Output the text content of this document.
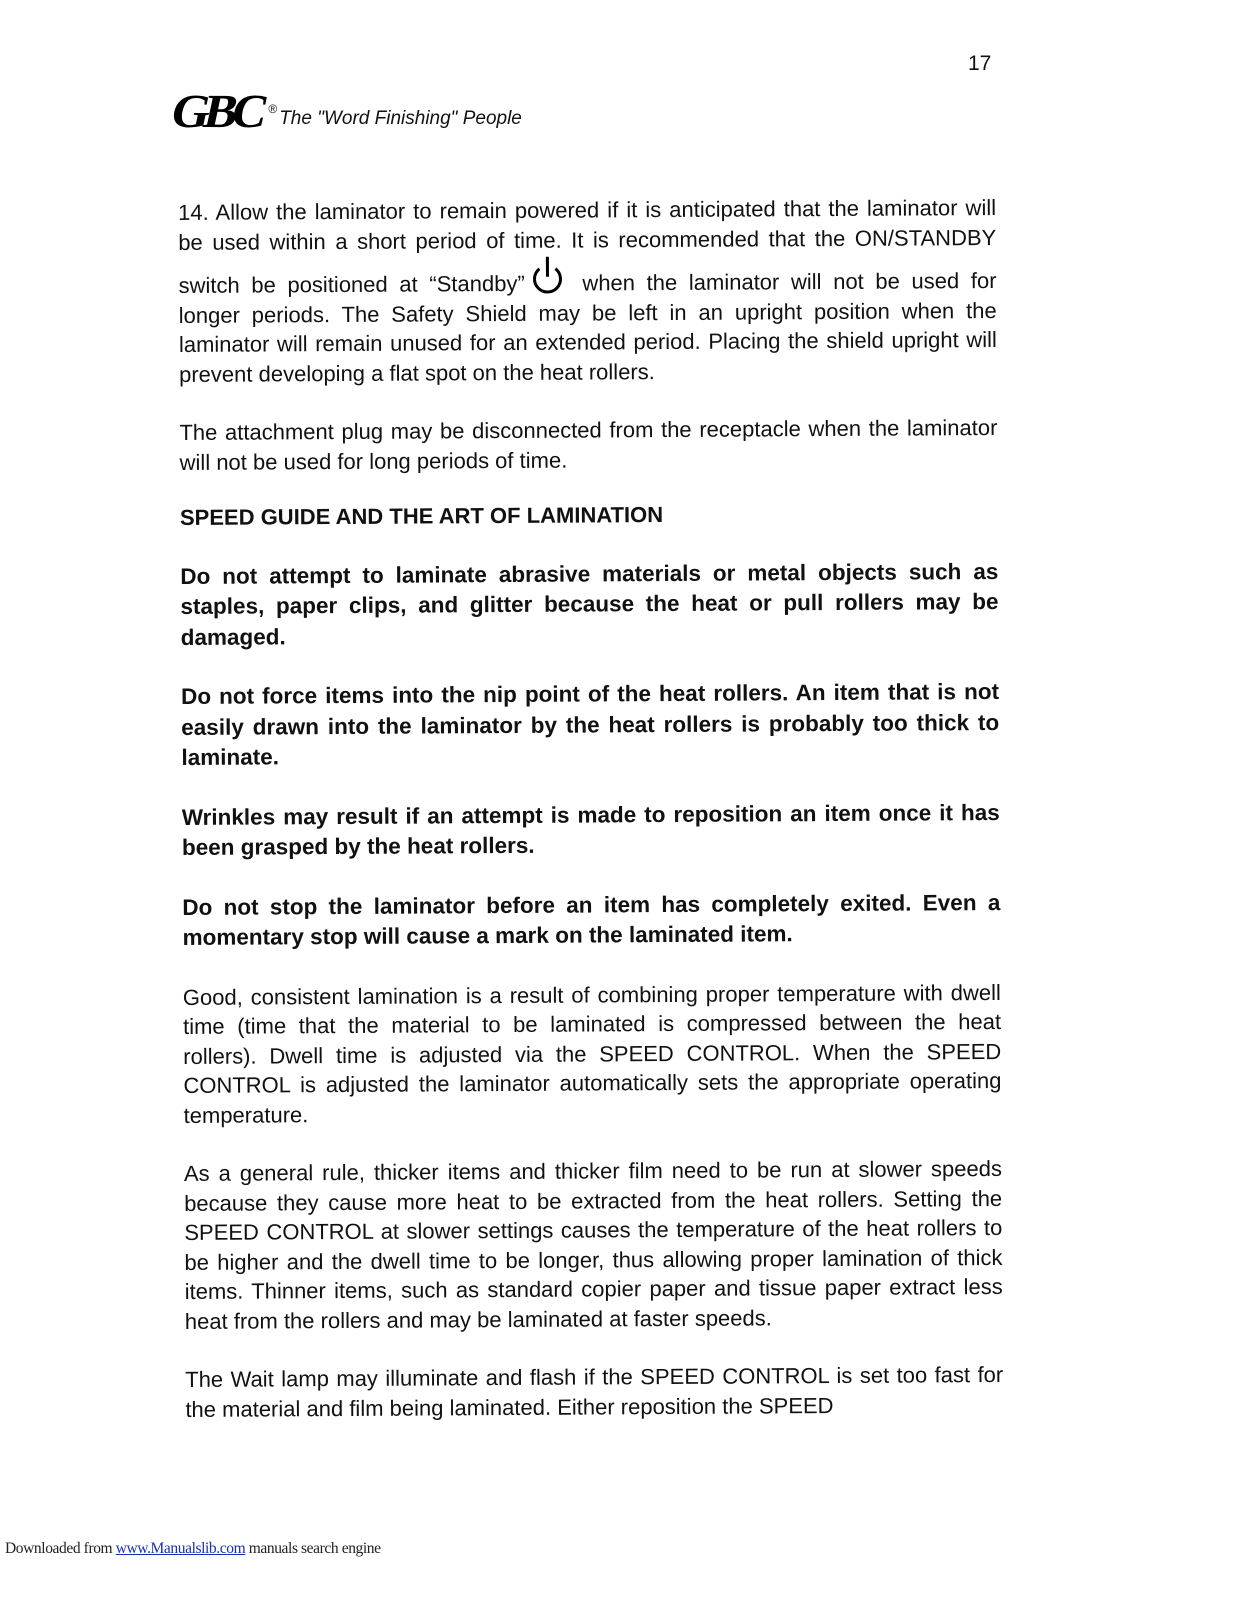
17
GBC ® The "Word Finishing" People

14. Allow the laminator to remain powered if it is anticipated that the laminator will be used within a short period of time. It is recommended that the ON/STANDBY switch be positioned at “Standby”	when the laminator will not be used for longer periods. The Safety Shield may be left in an upright position when the laminator will remain unused for an extended period. Placing the shield upright will prevent developing a flat spot on the heat rollers.

The attachment plug may be disconnected from the receptacle when the laminator will not be used for long periods of time.

SPEED GUIDE AND THE ART OF LAMINATION

Do not attempt to laminate abrasive materials or metal objects such as staples, paper clips, and glitter because the heat or pull rollers may be damaged.

Do not force items into the nip point of the heat rollers. An item that is not easily drawn into the laminator by the heat rollers is probably too thick to laminate.

Wrinkles may result if an attempt is made to reposition an item once it has been grasped by the heat rollers.

Do not stop the laminator before an item has completely exited. Even a momentary stop will cause a mark on the laminated item.

Good, consistent lamination is a result of combining proper temperature with dwell time (time that the material to be laminated is compressed between the heat rollers). Dwell time is adjusted via the SPEED CONTROL. When the SPEED CONTROL is adjusted the laminator automatically sets the appropriate operating temperature.

As a general rule, thicker items and thicker film need to be run at slower speeds because they cause more heat to be extracted from the heat rollers. Setting the SPEED CONTROL at slower settings causes the temperature of the heat rollers to be higher and the dwell time to be longer, thus allowing proper lamination of thick items. Thinner items, such as standard copier paper and tissue paper extract less heat from the rollers and may be laminated at faster speeds.

The Wait lamp may illuminate and flash if the SPEED CONTROL is set too fast for the material and film being laminated. Either reposition the SPEED

Downloaded from www.Manualslib.com manuals search engine
